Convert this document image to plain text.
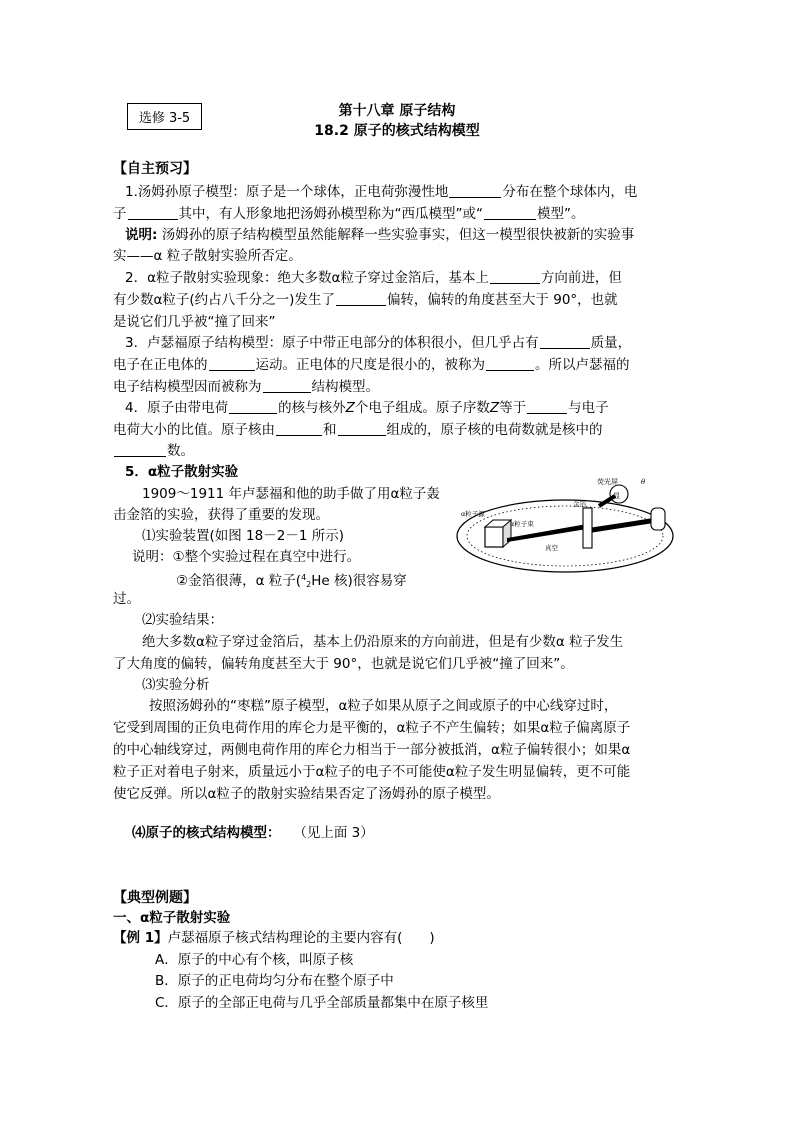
选修 3-5	第十八章 原子结构
18.2 原子的核式结构模型
【自主预习】
1.汤姆孙原子模型：原子是一个球体，正电荷弥漫性地	分布在整个球体内，电
子	其中，有人形象地把汤姆孙模型称为“西瓜模型”或“	模型”。
说明: 汤姆孙的原子结构模型虽然能解释一些实验事实，但这一模型很快被新的实验事
实——α 粒子散射实验所否定。
2．α粒子散射实验现象：绝大多数α粒子穿过金箔后，基本上	方向前进，但
有少数α粒子(约占八千分之一)发生了	偏转，偏转的角度甚至大于 90°，也就
是说它们几乎被“撞了回来”
3．卢瑟福原子结构模型：原子中带正电部分的体积很小，但几乎占有	质量，
电子在正电体的	运动。正电体的尺度是很小的，被称为	。所以卢瑟福的
电子结构模型因而被称为	结构模型。
4．原子由带电荷	的核与核外Z个电子组成。原子序数Z等于	与电子
电荷大小的比值。原子核由	和	组成的，原子核的电荷数就是核中的
数。
5．α粒子散射实验
1909～1911 年卢瑟福和他的助手做了用α粒子轰
击金箔的实验，获得了重要的发现。
⑴实验装置(如图 18－2－1 所示)
说明：①整个实验过程在真空中进行。
②金箔很薄，α 粒子($^4_2$He 核)很容易穿
过。
显
荧光屏	θ
α粒子源
α粒子束
金箔
真空
⑵实验结果：
绝大多数α粒子穿过金箔后，基本上仍沿原来的方向前进，但是有少数α 粒子发生
了大角度的偏转，偏转角度甚至大于 90°，也就是说它们几乎被“撞了回来”。
⑶实验分析
按照汤姆孙的“枣糕”原子模型，α粒子如果从原子之间或原子的中心线穿过时，
它受到周围的正负电荷作用的库仑力是平衡的，α粒子不产生偏转；如果α粒子偏离原子
的中心轴线穿过，两侧电荷作用的库仑力相当于一部分被抵消，α粒子偏转很小；如果α
粒子正对着电子射来，质量远小于α粒子的电子不可能使α粒子发生明显偏转，更不可能
使它反弹。所以α粒子的散射实验结果否定了汤姆孙的原子模型。
⑷原子的核式结构模型： （见上面 3）
【典型例题】
一、α粒子散射实验
【例 1】卢瑟福原子核式结构理论的主要内容有(　　)
A．原子的中心有个核，叫原子核
B．原子的正电荷均匀分布在整个原子中
C．原子的全部正电荷与几乎全部质量都集中在原子核里
